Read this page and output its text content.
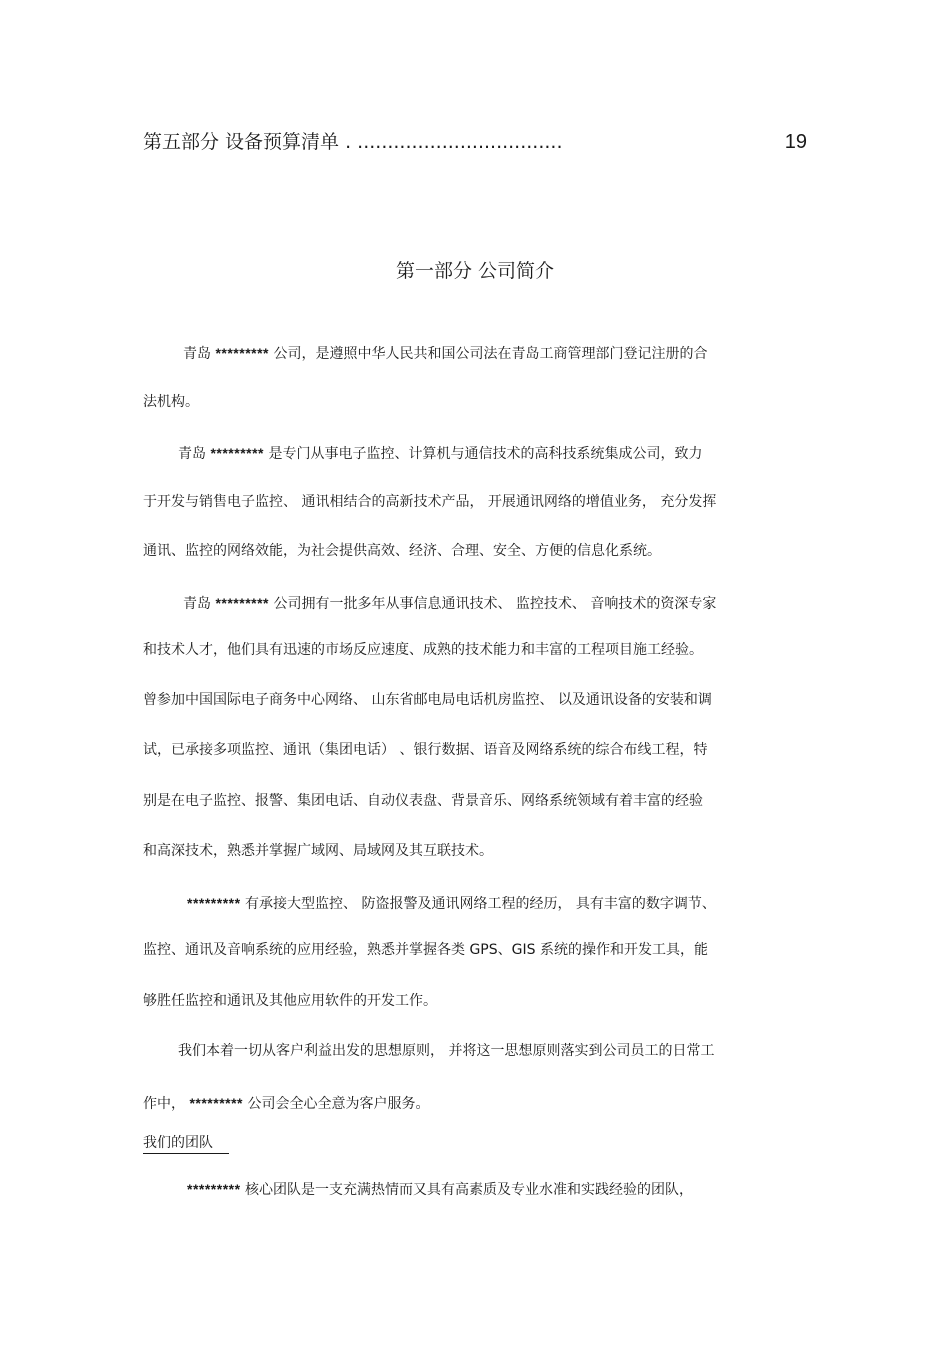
第五部分 设备预算清单 . ..................................	19
第一部分 公司简介
青岛 ********* 公司，是遵照中华人民共和国公司法在青岛工商管理部门登记注册的合
法机构。
青岛 ********* 是专门从事电子监控、计算机与通信技术的高科技系统集成公司，致力
于开发与销售电子监控、 通讯相结合的高新技术产品， 开展通讯网络的增值业务， 充分发挥
通讯、监控的网络效能，为社会提供高效、经济、合理、安全、方便的信息化系统。
青岛 ********* 公司拥有一批多年从事信息通讯技术、 监控技术、 音响技术的资深专家
和技术人才，他们具有迅速的市场反应速度、成熟的技术能力和丰富的工程项目施工经验。
曾参加中国国际电子商务中心网络、 山东省邮电局电话机房监控、 以及通讯设备的安装和调
试，已承接多项监控、通讯（集团电话） 、银行数据、语音及网络系统的综合布线工程，特
别是在电子监控、报警、集团电话、自动仪表盘、背景音乐、网络系统领域有着丰富的经验
和高深技术，熟悉并掌握广域网、局域网及其互联技术。
********* 有承接大型监控、 防盗报警及通讯网络工程的经历， 具有丰富的数字调节、
监控、通讯及音响系统的应用经验，熟悉并掌握各类 GPS、GIS 系统的操作和开发工具，能
够胜任监控和通讯及其他应用软件的开发工作。
我们本着一切从客户利益出发的思想原则， 并将这一思想原则落实到公司员工的日常工
作中， ********* 公司会全心全意为客户服务。
我们的团队
********* 核心团队是一支充满热情而又具有高素质及专业水准和实践经验的团队，
